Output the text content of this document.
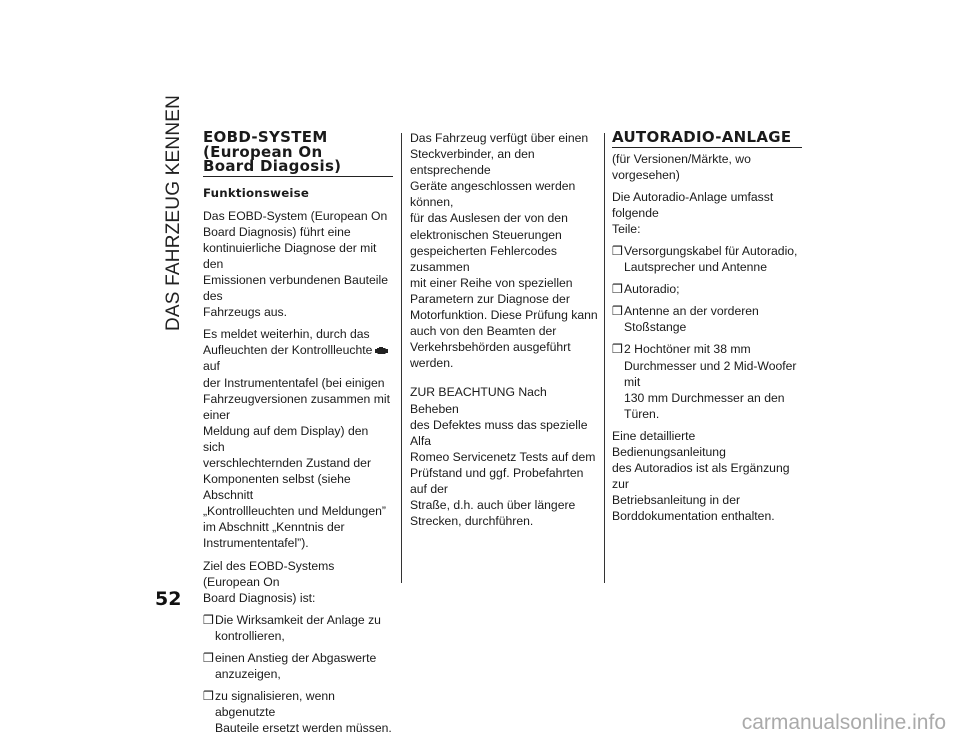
DAS FAHRZEUG KENNEN EOBD-SYSTEM
(European On
Board Diagosis)
Funktionsweise

Das EOBD-System (European On
Board Diagnosis) führt eine
kontinuierliche Diagnose der mit den
Emissionen verbundenen Bauteile des
Fahrzeugs aus.

Es meldet weiterhin, durch das
Aufleuchten der Kontrollleuchteauf
der Instrumententafel (bei einigen
Fahrzeugversionen zusammen mit einer
Meldung auf dem Display) den sich
verschlechternden Zustand der
Komponenten selbst (siehe Abschnitt
„Kontrollleuchten und Meldungen”
im Abschnitt „Kenntnis der
Instrumententafel”).

Ziel des EOBD-Systems (European On
Board Diagnosis) ist:

❒ Die Wirksamkeit der Anlage zu
kontrollieren,
❒ einen Anstieg der Abgaswerte
anzuzeigen,
❒ zu signalisieren, wenn abgenutzte
Bauteile ersetzt werden müssen.

Das Fahrzeug verfügt über einen
Steckverbinder, an den entsprechende
Geräte angeschlossen werden können,
für das Auslesen der von den
elektronischen Steuerungen
gespeicherten Fehlercodes zusammen
mit einer Reihe von speziellen
Parametern zur Diagnose der
Motorfunktion. Diese Prüfung kann
auch von den Beamten der
Verkehrsbehörden ausgeführt werden.

ZUR BEACHTUNG Nach Beheben
des Defektes muss das spezielle Alfa
Romeo Servicenetz Tests auf dem
Prüfstand und ggf. Probefahrten auf der
Straße, d.h. auch über längere
Strecken, durchführen.

AUTORADIO-ANLAGE

(für Versionen/Märkte, wo vorgesehen)

Die Autoradio-Anlage umfasst folgende
Teile:

❒ Versorgungskabel für Autoradio,
Lautsprecher und Antenne
❒ Autoradio;
❒ Antenne an der vorderen Stoßstange
❒ 2 Hochtöner mit 38 mm
Durchmesser und 2 Mid-Woofer mit
130 mm Durchmesser an den Türen.

Eine detaillierte Bedienungsanleitung
des Autoradios ist als Ergänzung zur
Betriebsanleitung in der
Borddokumentation enthalten.

52
carmanualsonline.info
